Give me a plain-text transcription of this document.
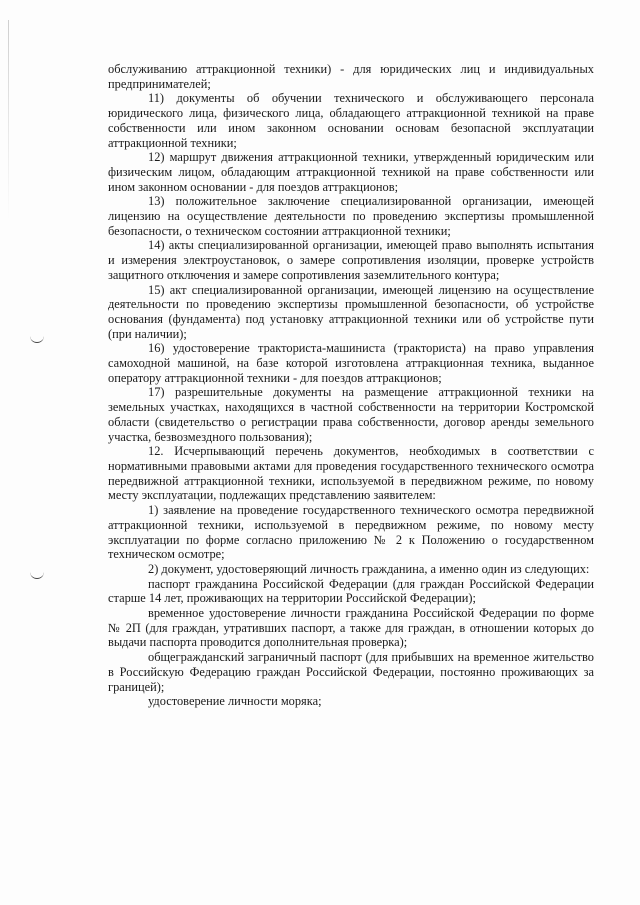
обслуживанию аттракционной техники) - для юридических лиц и индивидуальных предпринимателей;

11) документы об обучении технического и обслуживающего персонала юридического лица, физического лица, обладающего аттракционной техникой на праве собственности или ином законном основании основам безопасной эксплуатации аттракционной техники;

12) маршрут движения аттракционной техники, утвержденный юридическим или физическим лицом, обладающим аттракционной техникой на праве собственности или ином законном основании - для поездов аттракционов;

13) положительное заключение специализированной организации, имеющей лицензию на осуществление деятельности по проведению экспертизы промышленной безопасности, о техническом состоянии аттракционной техники;

14) акты специализированной организации, имеющей право выполнять испытания и измерения электроустановок, о замере сопротивления изоляции, проверке устройств защитного отключения и замере сопротивления заземлительного контура;

15) акт специализированной организации, имеющей лицензию на осуществление деятельности по проведению экспертизы промышленной безопасности, об устройстве основания (фундамента) под установку аттракционной техники или об устройстве пути (при наличии);

16) удостоверение тракториста-машиниста (тракториста) на право управления самоходной машиной, на базе которой изготовлена аттракционная техника, выданное оператору аттракционной техники - для поездов аттракционов;

17) разрешительные документы на размещение аттракционной техники на земельных участках, находящихся в частной собственности на территории Костромской области (свидетельство о регистрации права собственности, договор аренды земельного участка, безвозмездного пользования);

12. Исчерпывающий перечень документов, необходимых в соответствии с нормативными правовыми актами для проведения государственного технического осмотра передвижной аттракционной техники, используемой в передвижном режиме, по новому месту эксплуатации, подлежащих представлению заявителем:

1) заявление на проведение государственного технического осмотра передвижной аттракционной техники, используемой в передвижном режиме, по новому месту эксплуатации по форме согласно приложению № 2 к Положению о государственном техническом осмотре;

2) документ, удостоверяющий личность гражданина, а именно один из следующих:

паспорт гражданина Российской Федерации (для граждан Российской Федерации старше 14 лет, проживающих на территории Российской Федерации);

временное удостоверение личности гражданина Российской Федерации по форме № 2П (для граждан, утративших паспорт, а также для граждан, в отношении которых до выдачи паспорта проводится дополнительная проверка);

общегражданский заграничный паспорт (для прибывших на временное жительство в Российскую Федерацию граждан Российской Федерации, постоянно проживающих за границей);

удостоверение личности моряка;
